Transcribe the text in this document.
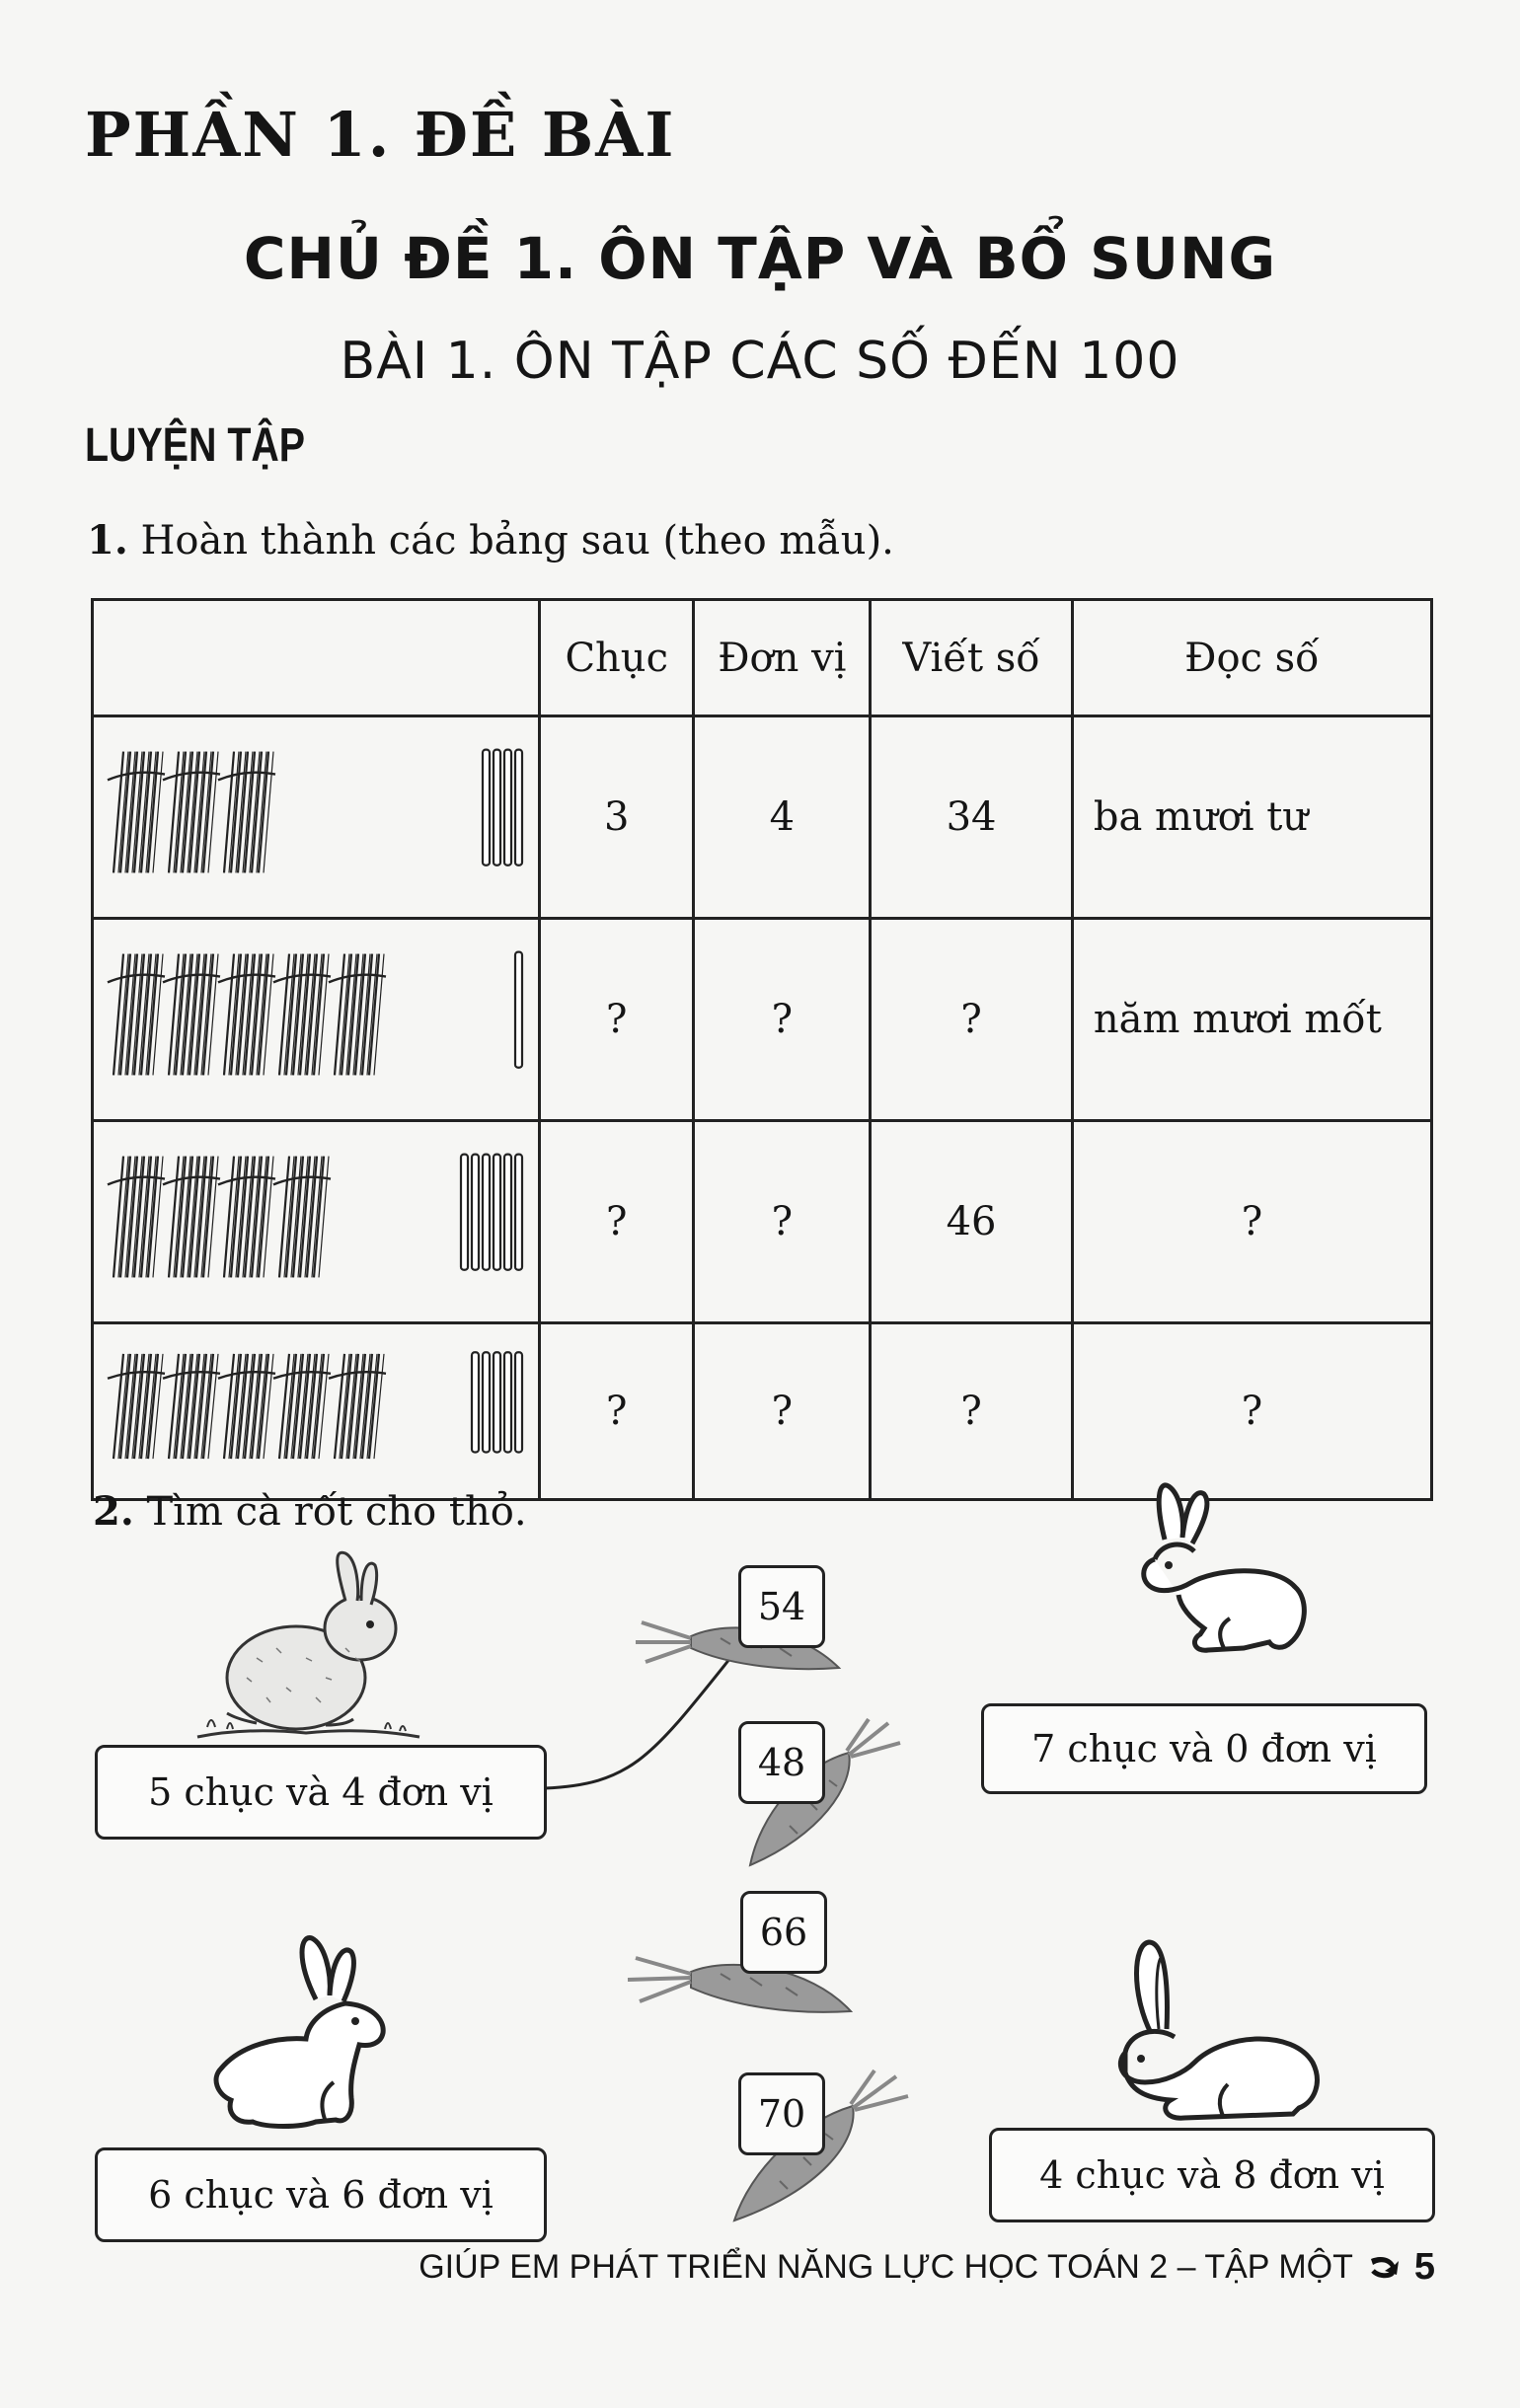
PHẦN 1. ĐỀ BÀI
CHỦ ĐỀ 1. ÔN TẬP VÀ BỔ SUNG
BÀI 1. ÔN TẬP CÁC SỐ ĐẾN 100
LUYỆN TẬP
1. Hoàn thành các bảng sau (theo mẫu).
	Chục	Đơn vị	Viết số	Đọc số
	3	4	34	ba mươi tư
	?	?	?	năm mươi mốt
	?	?	46	?
	?	?	?	?
2. Tìm cà rốt cho thỏ.
5 chục và 4 đơn vị
7 chục và 0 đơn vị
6 chục và 6 đơn vị	4 chục và 8 đơn vị
54
48
66
70
GIÚP EM PHÁT TRIỂN NĂNG LỰC HỌC TOÁN 2 – TẬP MỘT 5
